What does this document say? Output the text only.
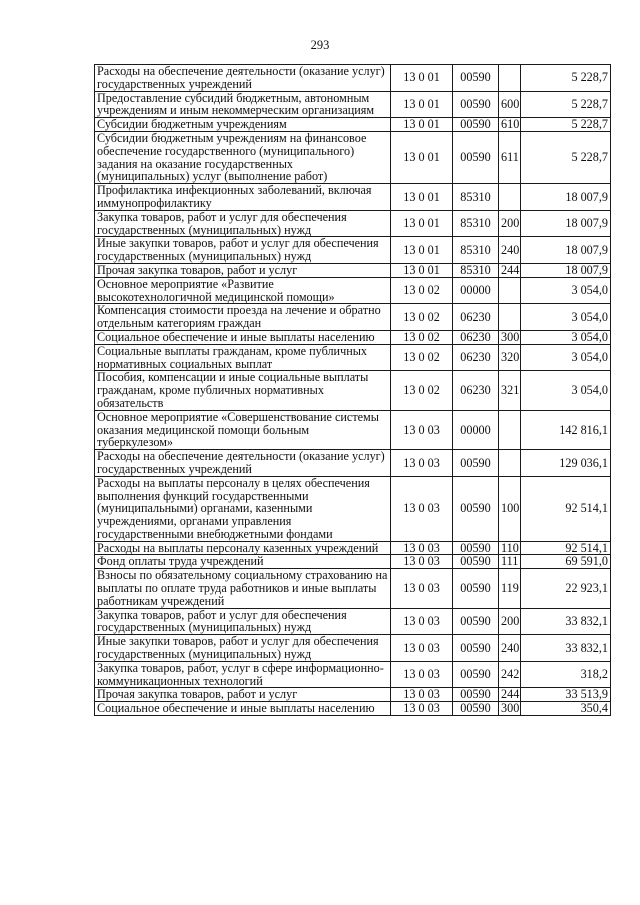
293
Расходы на обеспечение деятельности (оказание услуг) государственных учреждений	13 0 01	00590		5 228,7
Предоставление субсидий бюджетным, автономным учреждениям и иным некоммерческим организациям	13 0 01	00590	600	5 228,7
Субсидии бюджетным учреждениям	13 0 01	00590	610	5 228,7
Субсидии бюджетным учреждениям на финансовое обеспечение государственного (муниципального) задания на оказание государственных (муниципальных) услуг (выполнение работ)	13 0 01	00590	611	5 228,7
Профилактика инфекционных заболеваний, включая иммунопрофилактику	13 0 01	85310		18 007,9
Закупка товаров, работ и услуг для обеспечения государственных (муниципальных) нужд	13 0 01	85310	200	18 007,9
Иные закупки товаров, работ и услуг для обеспечения государственных (муниципальных) нужд	13 0 01	85310	240	18 007,9
Прочая закупка товаров, работ и услуг	13 0 01	85310	244	18 007,9
Основное мероприятие «Развитие высокотехнологичной медицинской помощи»	13 0 02	00000		3 054,0
Компенсация стоимости проезда на лечение и обратно отдельным категориям граждан	13 0 02	06230		3 054,0
Социальное обеспечение и иные выплаты населению	13 0 02	06230	300	3 054,0
Социальные выплаты гражданам, кроме публичных нормативных социальных выплат	13 0 02	06230	320	3 054,0
Пособия, компенсации и иные социальные выплаты гражданам, кроме публичных нормативных обязательств	13 0 02	06230	321	3 054,0
Основное мероприятие «Совершенствование системы оказания медицинской помощи больным туберкулезом»	13 0 03	00000		142 816,1
Расходы на обеспечение деятельности (оказание услуг) государственных учреждений	13 0 03	00590		129 036,1
Расходы на выплаты персоналу в целях обеспечения выполнения функций государственными (муниципальными) органами, казенными учреждениями, органами управления государственными внебюджетными фондами	13 0 03	00590	100	92 514,1
Расходы на выплаты персоналу казенных учреждений	13 0 03	00590	110	92 514,1
Фонд оплаты труда учреждений	13 0 03	00590	111	69 591,0
Взносы по обязательному социальному страхованию на выплаты по оплате труда работников и иные выплаты работникам учреждений	13 0 03	00590	119	22 923,1
Закупка товаров, работ и услуг для обеспечения государственных (муниципальных) нужд	13 0 03	00590	200	33 832,1
Иные закупки товаров, работ и услуг для обеспечения государственных (муниципальных) нужд	13 0 03	00590	240	33 832,1
Закупка товаров, работ, услуг в сфере информационно-коммуникационных технологий	13 0 03	00590	242	318,2
Прочая закупка товаров, работ и услуг	13 0 03	00590	244	33 513,9
Социальное обеспечение и иные выплаты населению	13 0 03	00590	300	350,4
